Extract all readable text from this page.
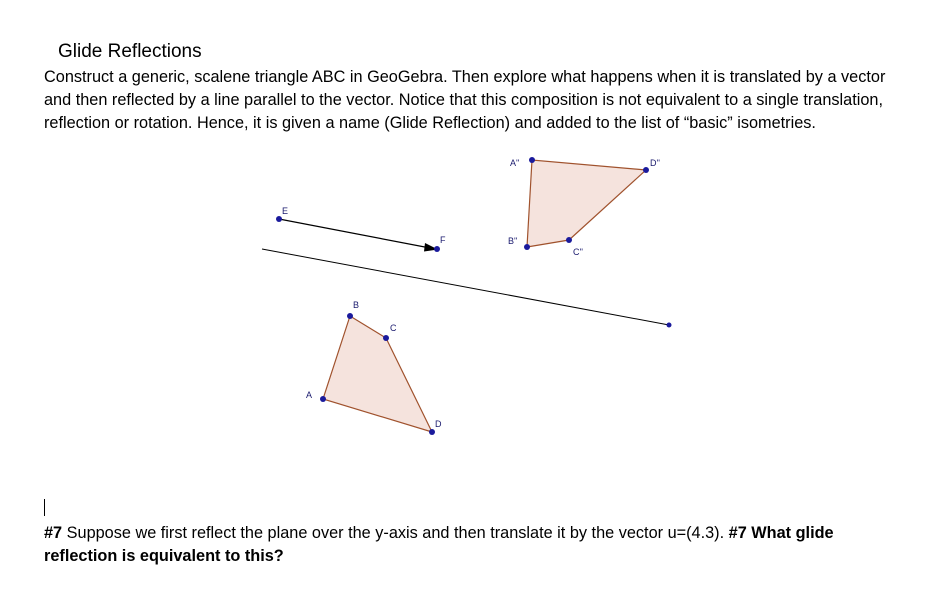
Glide Reflections

Construct a generic, scalene triangle ABC in GeoGebra. Then explore what happens when it is translated by a vector and then reflected by a line parallel to the vector. Notice that this composition is not equivalent to a single translation, reflection or rotation. Hence, it is given a name (Glide Reflection) and added to the list of “basic” isometries.

E
F
A
B
C
D
A''
B''
C''
D''

#7 Suppose we first reflect the plane over the y-axis and then translate it by the vector u=(4.3). #7 What glide reflection is equivalent to this?
